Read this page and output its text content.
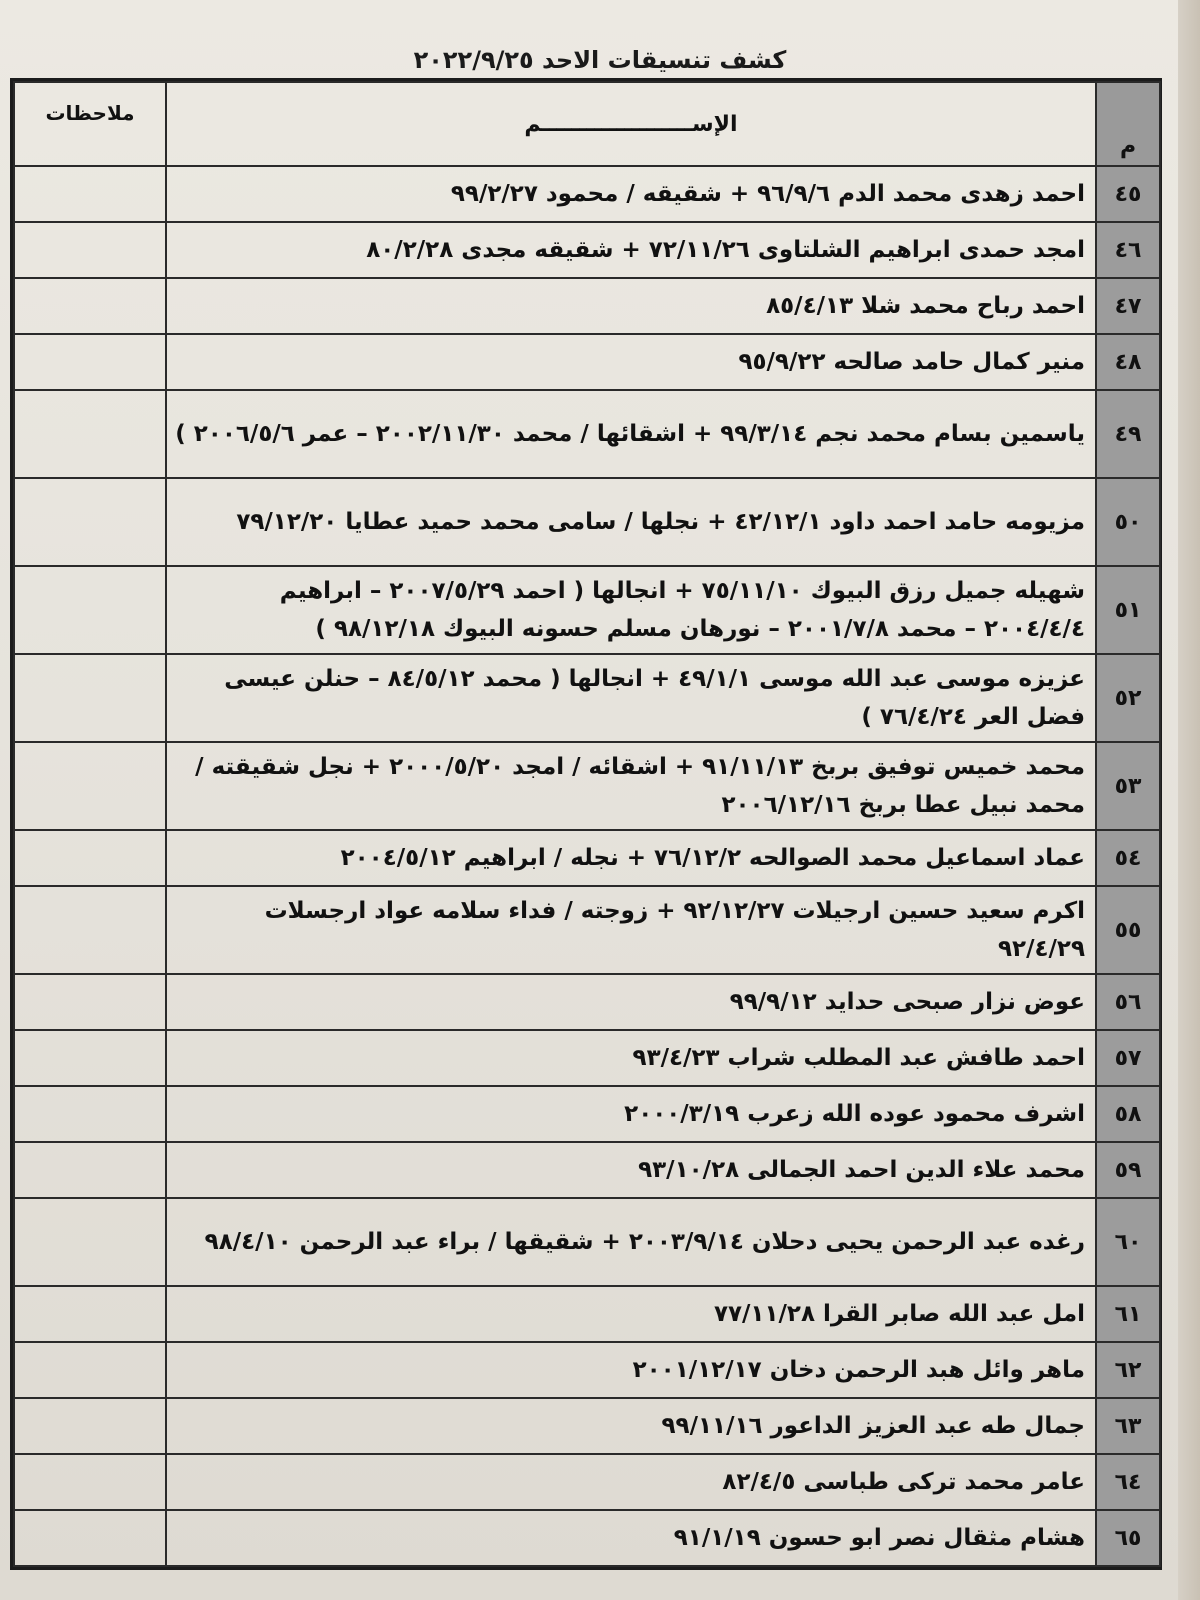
كشف تنسيقات الاحد ٢٠٢٢/٩/٢٥
م	الإســــــــــــــــــــم	ملاحظات
٤٥	احمد زهدى محمد الدم ٩٦/٩/٦ + شقيقه / محمود ٩٩/٢/٢٧	
٤٦	امجد حمدى ابراهيم الشلتاوى ٧٢/١١/٢٦ + شقيقه مجدى ٨٠/٢/٢٨	
٤٧	احمد رباح محمد شلا ٨٥/٤/١٣	
٤٨	منير كمال حامد صالحه ٩٥/٩/٢٢	
٤٩	ياسمين بسام محمد نجم ٩٩/٣/١٤ + اشقائها / محمد ٢٠٠٢/١١/٣٠ – عمر ٢٠٠٦/٥/٦ )	
٥٠	مزيومه حامد احمد داود ٤٢/١٢/١ + نجلها / سامى محمد حميد عطايا ٧٩/١٢/٢٠	
٥١	شهيله جميل رزق البيوك ٧٥/١١/١٠ + انجالها ( احمد ٢٠٠٧/٥/٢٩ – ابراهيم ٢٠٠٤/٤/٤ – محمد ٢٠٠١/٧/٨ – نورهان مسلم حسونه البيوك ٩٨/١٢/١٨ )	
٥٢	عزيزه موسى عبد الله موسى ٤٩/١/١ + انجالها ( محمد ٨٤/٥/١٢ – حنلن عيسى فضل العر ٧٦/٤/٢٤ )	
٥٣	محمد خميس توفيق بربخ ٩١/١١/١٣ + اشقائه / امجد ٢٠٠٠/٥/٢٠ + نجل شقيقته / محمد نبيل عطا بربخ ٢٠٠٦/١٢/١٦	
٥٤	عماد اسماعيل محمد الصوالحه ٧٦/١٢/٢ + نجله / ابراهيم ٢٠٠٤/٥/١٢	
٥٥	اكرم سعيد حسين ارجيلات ٩٢/١٢/٢٧ + زوجته / فداء سلامه عواد ارجسلات ٩٢/٤/٢٩	
٥٦	عوض نزار صبحى حدايد ٩٩/٩/١٢	
٥٧	احمد طافش عبد المطلب شراب ٩٣/٤/٢٣	
٥٨	اشرف محمود عوده الله زعرب ٢٠٠٠/٣/١٩	
٥٩	محمد علاء الدين احمد الجمالى ٩٣/١٠/٢٨	
٦٠	رغده عبد الرحمن يحيى دحلان ٢٠٠٣/٩/١٤ + شقيقها / براء عبد الرحمن ٩٨/٤/١٠	
٦١	امل عبد الله صابر القرا ٧٧/١١/٢٨	
٦٢	ماهر وائل هبد الرحمن دخان ٢٠٠١/١٢/١٧	
٦٣	جمال طه عبد العزيز الداعور ٩٩/١١/١٦	
٦٤	عامر محمد تركى طباسى ٨٢/٤/٥	
٦٥	هشام مثقال نصر ابو حسون ٩١/١/١٩	
